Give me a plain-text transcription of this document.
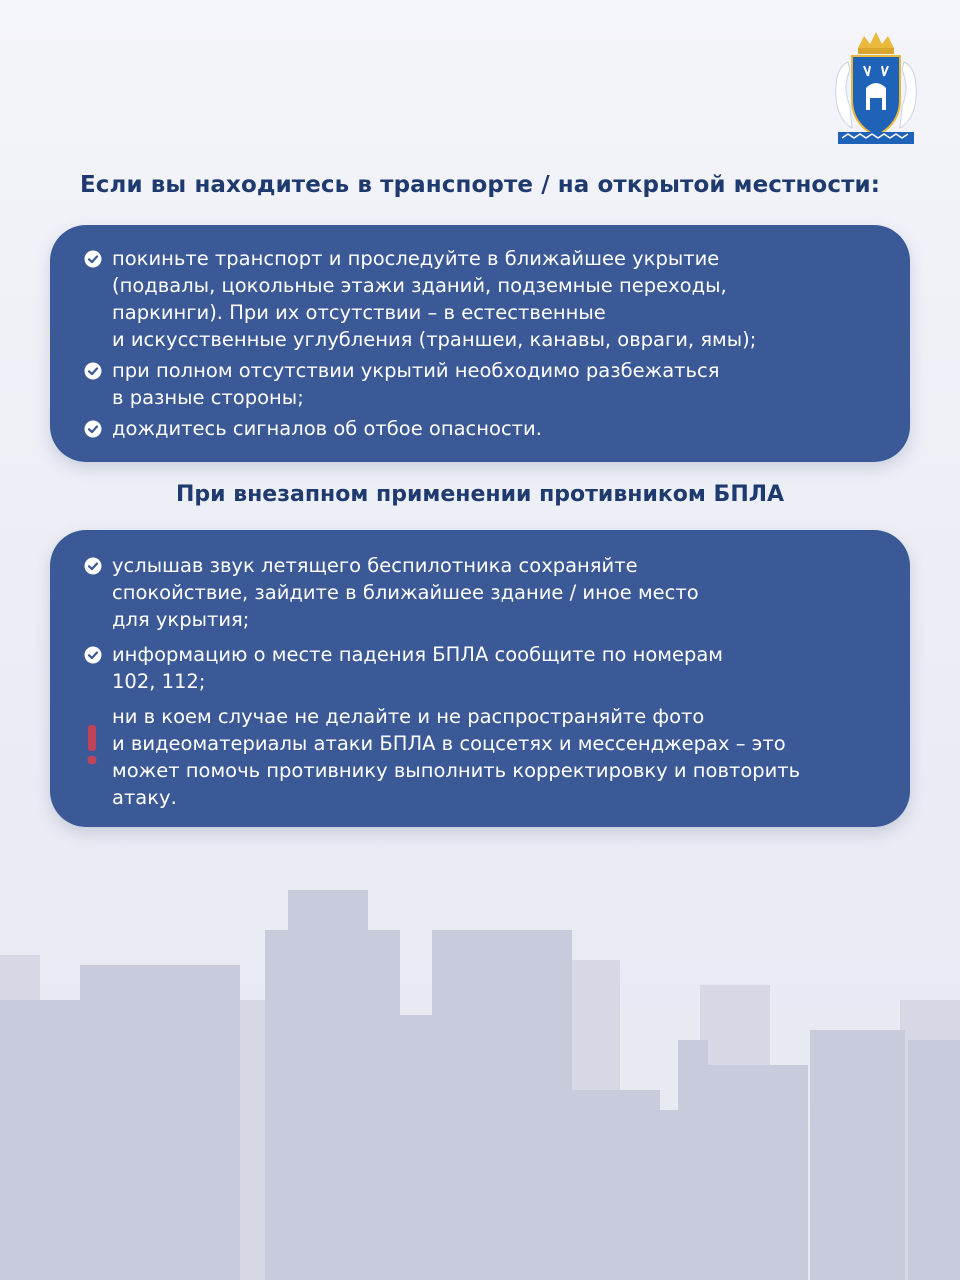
Если вы находитесь в транспорте / на открытой местности:
покиньте транспорт и проследуйте в ближайшее укрытие
(подвалы, цокольные этажи зданий, подземные переходы,
паркинги). При их отсутствии – в естественные
и искусственные углубления (траншеи, канавы, овраги, ямы);
при полном отсутствии укрытий необходимо разбежаться
в разные стороны;
дождитесь сигналов об отбое опасности.
При внезапном применении противником БПЛА
услышав звук летящего беспилотника сохраняйте
спокойствие, зайдите в ближайшее здание / иное место
для укрытия;
информацию о месте падения БПЛА сообщите по номерам
102, 112;
ни в коем случае не делайте и не распространяйте фото
и видеоматериалы атаки БПЛА в соцсетях и мессенджерах – это
может помочь противнику выполнить корректировку и повторить
атаку.
